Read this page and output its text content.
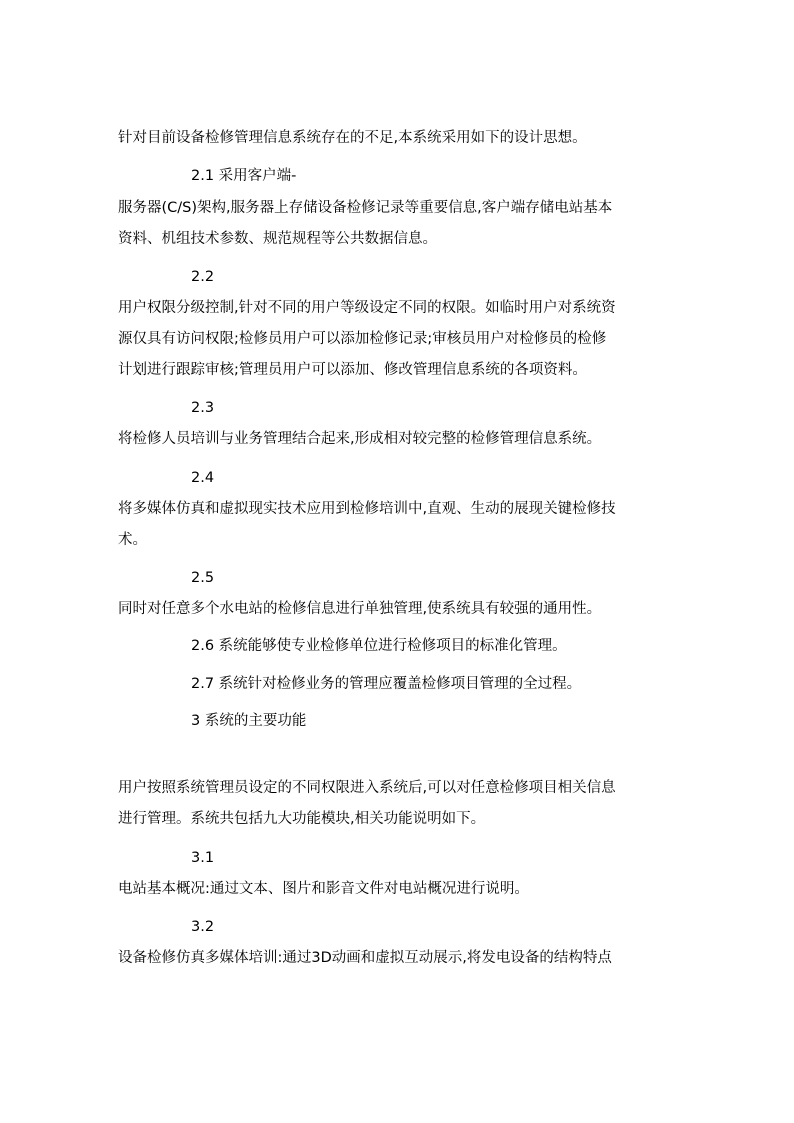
针对目前设备检修管理信息系统存在的不足,本系统采用如下的设计思想。
2.1 采用客户端-
服务器(C/S)架构,服务器上存储设备检修记录等重要信息,客户端存储电站基本
资料、机组技术参数、规范规程等公共数据信息。
2.2
用户权限分级控制,针对不同的用户等级设定不同的权限。如临时用户对系统资
源仅具有访问权限;检修员用户可以添加检修记录;审核员用户对检修员的检修
计划进行跟踪审核;管理员用户可以添加、修改管理信息系统的各项资料。
2.3
将检修人员培训与业务管理结合起来,形成相对较完整的检修管理信息系统。
2.4
将多媒体仿真和虚拟现实技术应用到检修培训中,直观、生动的展现关键检修技
术。
2.5
同时对任意多个水电站的检修信息进行单独管理,使系统具有较强的通用性。
2.6 系统能够使专业检修单位进行检修项目的标准化管理。
2.7 系统针对检修业务的管理应覆盖检修项目管理的全过程。
3 系统的主要功能
用户按照系统管理员设定的不同权限进入系统后,可以对任意检修项目相关信息
进行管理。系统共包括九大功能模块,相关功能说明如下。
3.1
电站基本概况:通过文本、图片和影音文件对电站概况进行说明。
3.2
设备检修仿真多媒体培训:通过3D动画和虚拟互动展示,将发电设备的结构特点
